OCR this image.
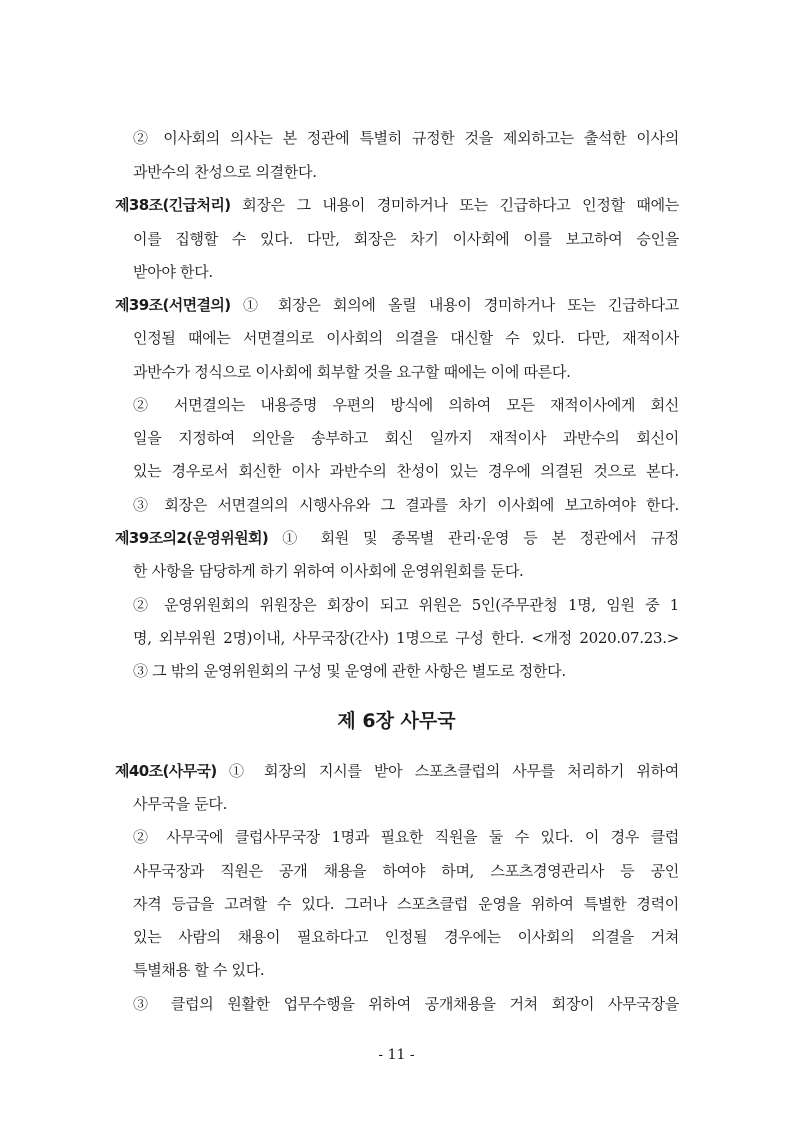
② 이사회의 의사는 본 정관에 특별히 규정한 것을 제외하고는 출석한 이사의
과반수의 찬성으로 의결한다.
제38조(긴급처리) 회장은 그 내용이 경미하거나 또는 긴급하다고 인정할 때에는
이를 집행할 수 있다. 다만, 회장은 차기 이사회에 이를 보고하여 승인을
받아야 한다.
제39조(서면결의) ① 회장은 회의에 올릴 내용이 경미하거나 또는 긴급하다고
인정될 때에는 서면결의로 이사회의 의결을 대신할 수 있다. 다만, 재적이사
과반수가 정식으로 이사회에 회부할 것을 요구할 때에는 이에 따른다.
② 서면결의는 내용증명 우편의 방식에 의하여 모든 재적이사에게 회신
일을 지정하여 의안을 송부하고 회신 일까지 재적이사 과반수의 회신이
있는 경우로서 회신한 이사 과반수의 찬성이 있는 경우에 의결된 것으로 본다.
③ 회장은 서면결의의 시행사유와 그 결과를 차기 이사회에 보고하여야 한다.
제39조의2(운영위원회) ① 회원 및 종목별 관리·운영 등 본 정관에서 규정
한 사항을 담당하게 하기 위하여 이사회에 운영위원회를 둔다.
② 운영위원회의 위원장은 회장이 되고 위원은 5인(주무관청 1명, 임원 중 1
명, 외부위원 2명)이내, 사무국장(간사) 1명으로 구성 한다. <개정 2020.07.23.>
③ 그 밖의 운영위원회의 구성 및 운영에 관한 사항은 별도로 정한다.
제 6장 사무국
제40조(사무국) ① 회장의 지시를 받아 스포츠클럽의 사무를 처리하기 위하여
사무국을 둔다.
② 사무국에 클럽사무국장 1명과 필요한 직원을 둘 수 있다. 이 경우 클럽
사무국장과 직원은 공개 채용을 하여야 하며, 스포츠경영관리사 등 공인
자격 등급을 고려할 수 있다. 그러나 스포츠클럽 운영을 위하여 특별한 경력이
있는 사람의 채용이 필요하다고 인정될 경우에는 이사회의 의결을 거쳐
특별채용 할 수 있다.
③ 클럽의 원활한 업무수행을 위하여 공개채용을 거쳐 회장이 사무국장을
- 11 -
